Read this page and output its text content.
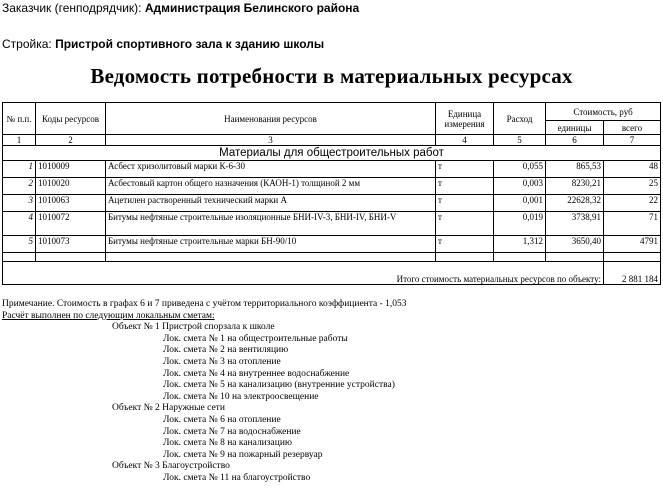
Заказчик (генподрядчик): Администрация Белинского района
Стройка: Пристрой спортивного зала к зданию школы
Ведомость потребности в материальных ресурсах
№ п.п.	Коды ресурсов	Наименования ресурсов	Единица измерения	Расход	Стоимость, руб	
					единицы	всего
1	2	3	4	5	6	7
Материалы для общестроительных работ						
1	1010009	Асбест хризолитовый марки К-6-30	т	0,055	865,53	48
2	1010020	Асбестовый картон общего назначения (КАОН-1) толщиной 2 мм	т	0,003	8230,21	25
3	1010063	Ацетилен растворенный технический марки А	т	0,001	22628,32	22
4	1010072	Битумы нефтяные строительные изоляционные БНИ-IV-3, БНИ-IV, БНИ-V	т	0,019	3738,91	71
5	1010073	Битумы нефтяные строительные марки БН-90/10	т	1,312	3650,40	4791

Итого стоимость материальных ресурсов по объекту:						2 881 184
Примечание. Стоимость в графах 6 и 7 приведена с учётом территориального коэффициента - 1,053
Расчёт выполнен по следующим локальным сметам:
Объект № 1 Пристрой спорзала к школе
Лок. смета № 1 на общестроительные работы
Лок. смета № 2 на вентиляцию
Лок. смета № 3 на отопление
Лок. смета № 4 на внутреннее водоснабжение
Лок. смета № 5 на канализацию (внутренние устройства)
Лок. смета № 10 на электроосвещение
Объект № 2 Наружные сети
Лок. смета № 6 на отопление
Лок. смета № 7 на водоснабжение
Лок. смета № 8 на канализацию
Лок. смета № 9 на пожарный резервуар
Объект № 3 Благоустройство
Лок. смета № 11 на благоустройство
